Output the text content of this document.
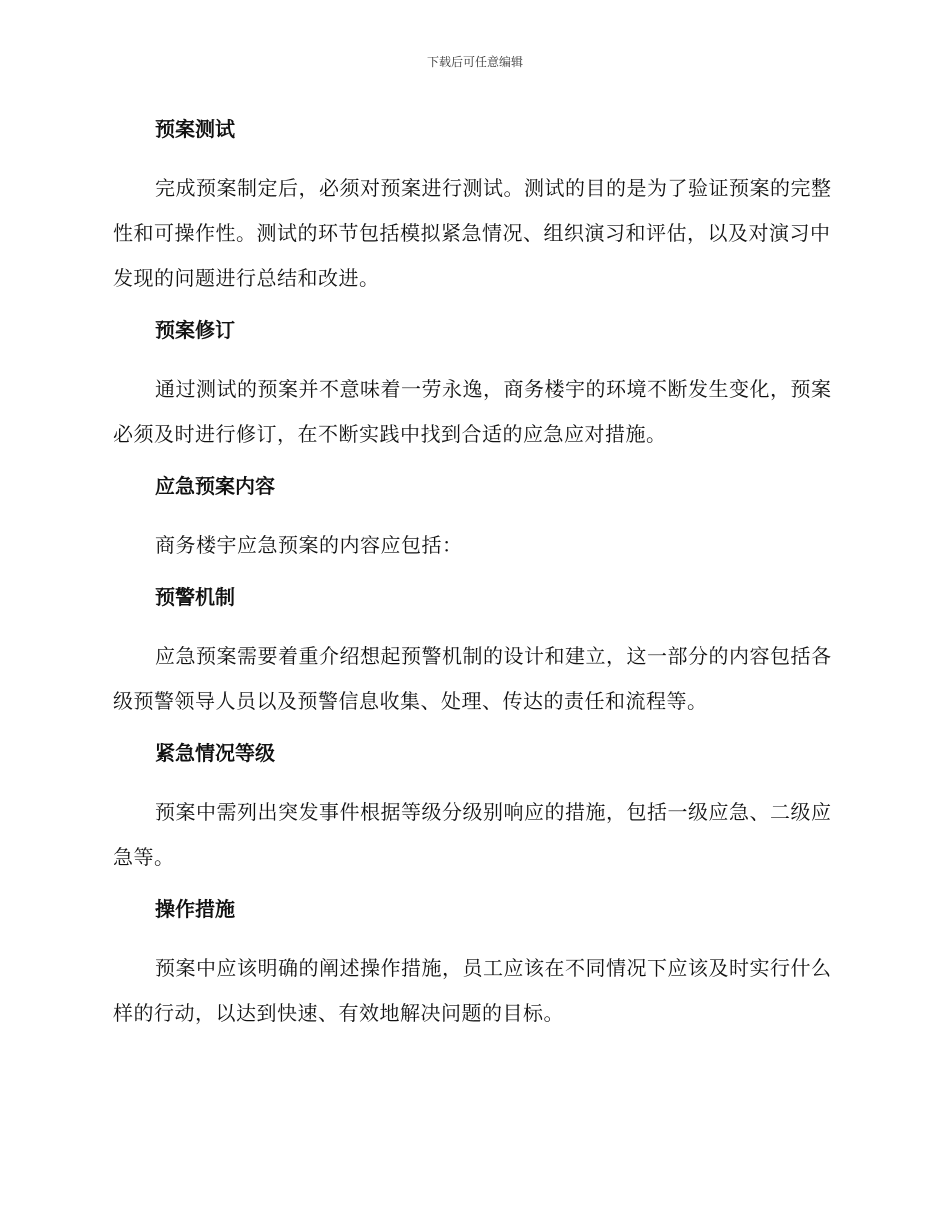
下载后可任意编辑
预案测试

完成预案制定后，必须对预案进行测试。测试的目的是为了验证预案的完整性和可操作性。测试的环节包括模拟紧急情况、组织演习和评估，以及对演习中发现的问题进行总结和改进。

预案修订

通过测试的预案并不意味着一劳永逸，商务楼宇的环境不断发生变化，预案必须及时进行修订，在不断实践中找到合适的应急应对措施。

应急预案内容

商务楼宇应急预案的内容应包括：

预警机制

应急预案需要着重介绍想起预警机制的设计和建立，这一部分的内容包括各级预警领导人员以及预警信息收集、处理、传达的责任和流程等。

紧急情况等级

预案中需列出突发事件根据等级分级别响应的措施，包括一级应急、二级应急等。

操作措施

预案中应该明确的阐述操作措施，员工应该在不同情况下应该及时实行什么样的行动，以达到快速、有效地解决问题的目标。
